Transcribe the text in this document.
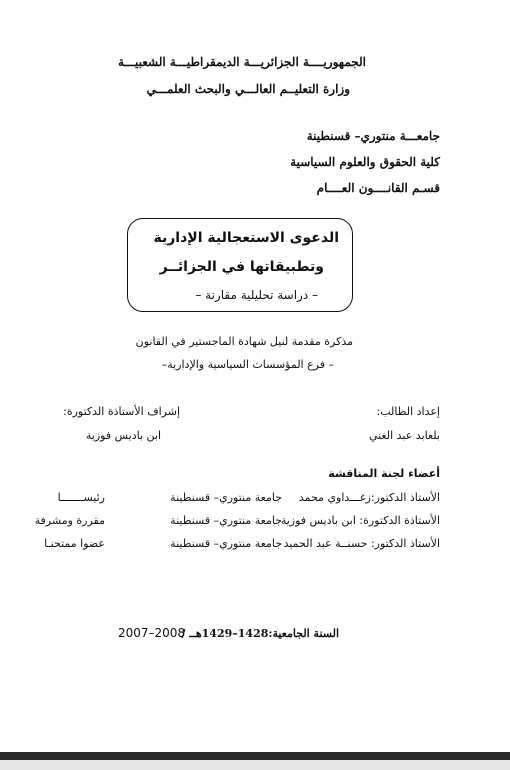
الجمهوريــــة الجزائريـــة الديمقراطيـــة الشعبيـــة
وزارة التعليــم العالـــي والبحث العلمـــي
جامعـــة منتوري– قسنطينة
كلية الحقوق والعلوم السياسية
قسـم القانــــون العــــام
الدعوى الاستعجالية الإدارية
وتطبيقاتها في الجزائــر
– دراسة تحليلية مقارنة –
مذكرة مقدمة لنيل شهادة الماجستير في القانون
– فرع المؤسسات السياسية والإدارية–
إعداد الطالب:
بلعابد عبد الغني
إشراف الأستاذة الدكتورة:
ابن باديس فوزية
أعضاء لجنة المناقشة
الأستاذ الدكتور:زغـــداوي محمد
جامعة منتوري– قسنطينة
رئيســـــــا
الأستاذة الدكتورة: ابن باديس فوزية
جامعة منتوري– قسنطينة
مقررة ومشرفة
الأستاذ الدكتور: حسنــة عبد الحميد
جامعة منتوري– قسنطينة
عضوا ممتحنـا
السنة الجامعية:1428–1429هــ /
2007–2008
